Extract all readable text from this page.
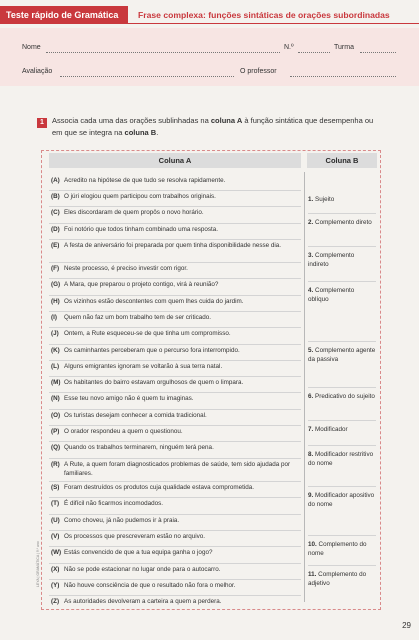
Teste rápido de Gramática	Frase complexa: funções sintáticas de orações subordinadas
Nome	N.º	Turma
Avaliação	O professor
1	Associa cada uma das orações sublinhadas na coluna A à função sintática que desempenha ou em que se integra na coluna B.
Coluna A	Coluna B
(A) Acredito na hipótese de que tudo se resolva rapidamente.
(B) O júri elogiou quem participou com trabalhos originais.
(C) Eles discordaram de quem propôs o novo horário.
(D) Foi notório que todos tinham combinado uma resposta.
(E) A festa de aniversário foi preparada por quem tinha disponibilidade nesse dia.
(F) Neste processo, é preciso investir com rigor.
(G) A Mara, que preparou o projeto contigo, virá à reunião?
(H) Os vizinhos estão descontentes com quem lhes cuida do jardim.
(I)	Quem não faz um bom trabalho tem de ser criticado.
(J) Ontem, a Rute esqueceu-se de que tinha um compromisso.
(K) Os caminhantes perceberam que o percurso fora interrompido.
(L) Alguns emigrantes ignoram se voltarão à sua terra natal.
(M) Os habitantes do bairro estavam orgulhosos de quem o limpara.
(N) Esse teu novo amigo não é quem tu imaginas.
(O) Os turistas desejam conhecer a comida tradicional.
(P) O orador respondeu a quem o questionou.
(Q) Quando os trabalhos terminarem, ninguém terá pena.
(R) A Rute, a quem foram diagnosticados problemas de saúde, tem sido ajudada por familiares.
(S) Foram destruídos os produtos cuja qualidade estava comprometida.
(T) É difícil não ficarmos incomodados.
(U) Como choveu, já não pudemos ir à praia.
(V) Os processos que prescreveram estão no arquivo.
(W) Estás convencido de que a tua equipa ganha o jogo?
(X) Não se pode estacionar no lugar onde para o autocarro.
(Y) Não houve consciência de que o resultado não fora o melhor.
(Z) As autoridades devolveram a carteira a quem a perdera.
1. Sujeito
2. Complemento direto
3. Complemento indireto
4. Complemento oblíquo
5. Complemento agente da passiva
6. Predicativo do sujeito
7. Modificador
8. Modificador restritivo do nome
9. Modificador apositivo do nome
10. Complemento do nome
11. Complemento do adjetivo
LEYA | GRAMÁTICA | 9.º ano
29
